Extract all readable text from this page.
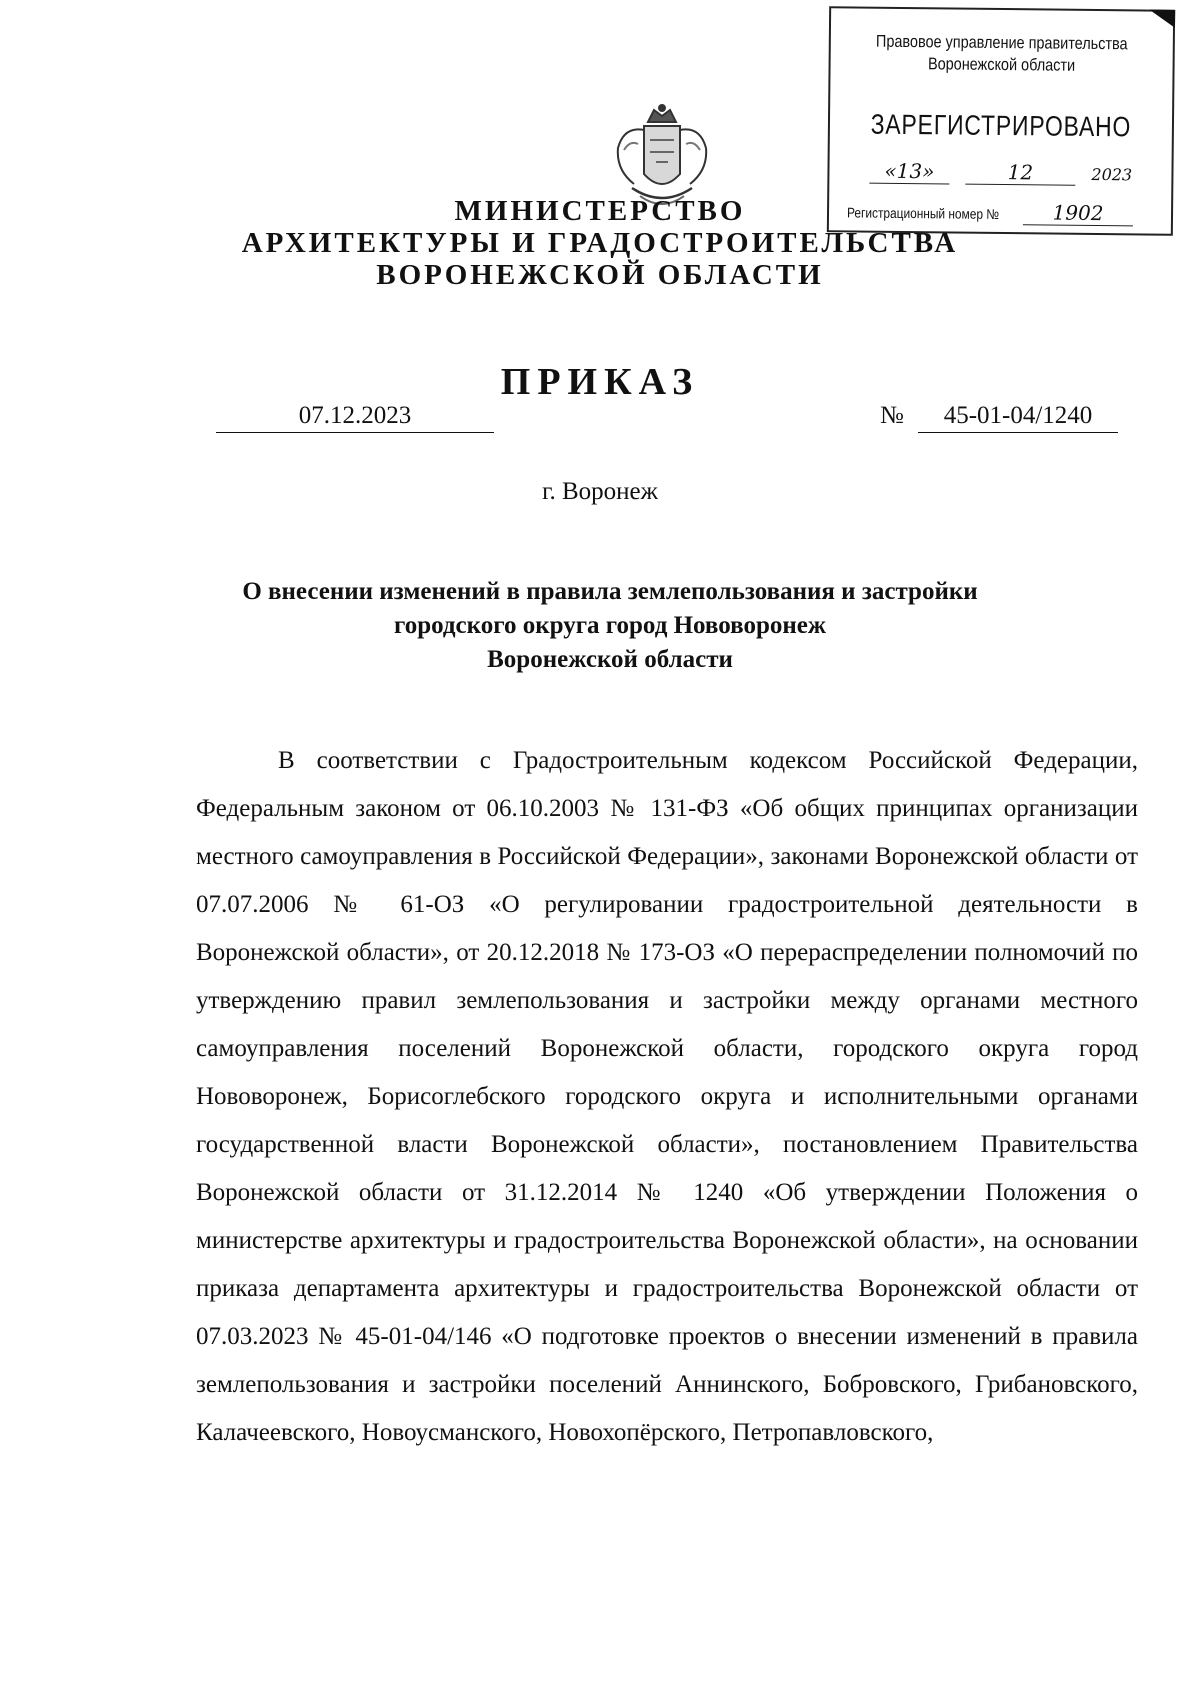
Правовое управление правительства
Воронежской области
ЗАРЕГИСТРИРОВАНО
«13»	12	2023
Регистрационный номер №	1902
МИНИСТЕРСТВО
АРХИТЕКТУРЫ И ГРАДОСТРОИТЕЛЬСТВА
ВОРОНЕЖСКОЙ ОБЛАСТИ
ПРИКАЗ
07.12.2023	№	45-01-04/1240
г. Воронеж
О внесении изменений в правила землепользования и застройки
городского округа город Нововоронеж
Воронежской области
В соответствии с Градостроительным кодексом Российской Федерации, Федеральным законом от 06.10.2003 № 131-ФЗ «Об общих принципах организации местного самоуправления в Российской Федерации», законами Воронежской области от 07.07.2006 № 61-ОЗ «О регулировании градостроительной деятельности в Воронежской области», от 20.12.2018 № 173-ОЗ «О перераспределении полномочий по утверждению правил землепользования и застройки между органами местного самоуправления поселений Воронежской области, городского округа город Нововоронеж, Борисоглебского городского округа и исполнительными органами государственной власти Воронежской области», постановлением Правительства Воронежской области от 31.12.2014 № 1240 «Об утверждении Положения о министерстве архитектуры и градостроительства Воронежской области», на основании приказа департамента архитектуры и градостроительства Воронежской области от 07.03.2023 № 45-01-04/146 «О подготовке проектов о внесении изменений в правила землепользования и застройки поселений Аннинского, Бобровского, Грибановского, Калачеевского, Новоусманского, Новохопёрского, Петропавловского,
